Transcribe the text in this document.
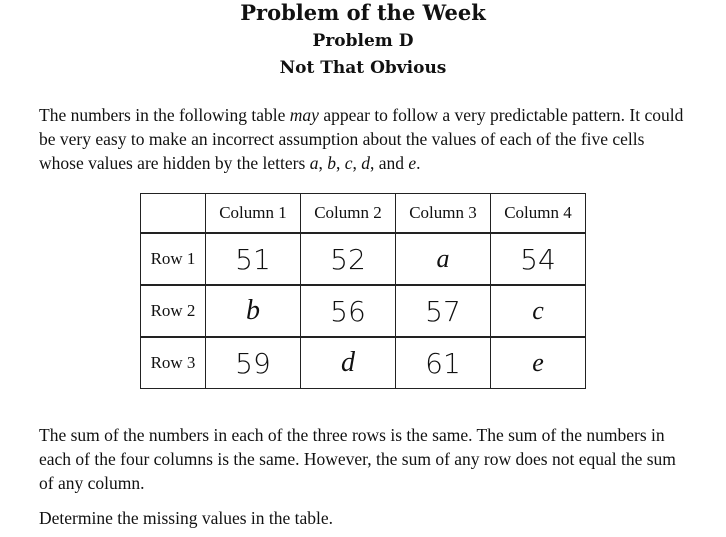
Problem of the Week
Problem D
Not That Obvious
The numbers in the following table may appear to follow a very predictable pattern. It could be very easy to make an incorrect assumption about the values of each of the five cells whose values are hidden by the letters a, b, c, d, and e.
	Column 1	Column 2	Column 3	Column 4

Row 1	51	52	a	54

Row 2	b	56	57	c

Row 3	59	d	61	e
The sum of the numbers in each of the three rows is the same. The sum of the numbers in each of the four columns is the same. However, the sum of any row does not equal the sum of any column.
Determine the missing values in the table.
